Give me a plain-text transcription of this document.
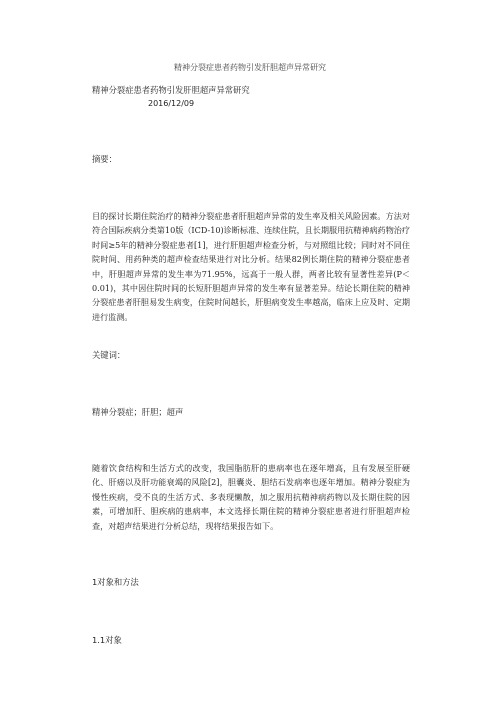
精神分裂症患者药物引发肝胆超声异常研究
精神分裂症患者药物引发肝胆超声异常研究
2016/12/09
摘要：
目的探讨长期住院治疗的精神分裂症患者肝胆超声异常的发生率及相关风险因素。方法对符合国际疾病分类第10版（ICD-10)诊断标准、连续住院，且长期服用抗精神病药物治疗时间≥5年的精神分裂症患者[1]，进行肝胆超声检查分析，与对照组比较；同时对不同住院时间、用药种类的超声检查结果进行对比分析。结果82例长期住院的精神分裂症患者中，肝胆超声异常的发生率为71.95%，远高于一般人群，两者比较有显著性差异(P＜0.01)，其中因住院时间的长短肝胆超声异常的发生率有显著差异。结论长期住院的精神分裂症患者肝胆易发生病变，住院时间越长，肝胆病变发生率越高，临床上应及时、定期进行监测。
关键词：
精神分裂症；肝胆；超声
随着饮食结构和生活方式的改变，我国脂肪肝的患病率也在逐年增高，且有发展至肝硬化、肝癌以及肝功能衰竭的风险[2]，胆囊炎、胆结石发病率也逐年增加。精神分裂症为慢性疾病，受不良的生活方式、多表现懒散，加之服用抗精神病药物以及长期住院的因素，可增加肝、胆疾病的患病率，本文选择长期住院的精神分裂症患者进行肝胆超声检查，对超声结果进行分析总结，现将结果报告如下。
1对象和方法
1.1对象
